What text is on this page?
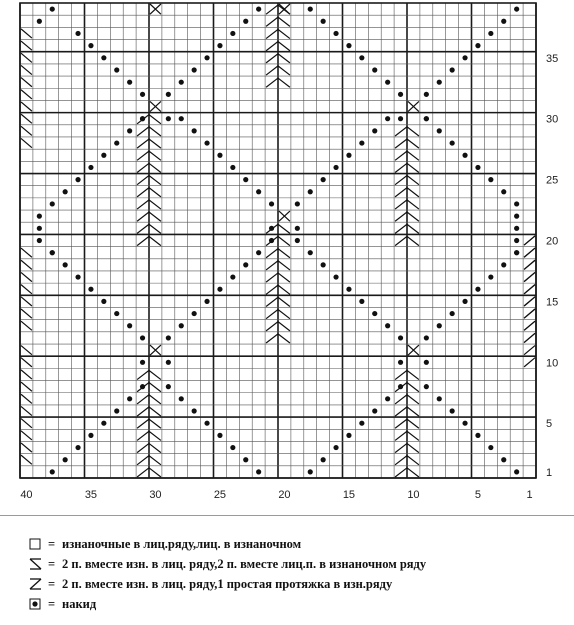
40	35	30	25	20	15	10	5	1
35
30
25
20
15
10
5
1
= изнаночные в лиц.ряду,лиц. в изнаночном
= 2 п. вместе изн. в лиц. ряду,2 п. вместе лиц.п. в изнаночном ряду
= 2 п. вместе изн. в лиц. ряду,1 простая протяжка в изн.ряду
= накид
